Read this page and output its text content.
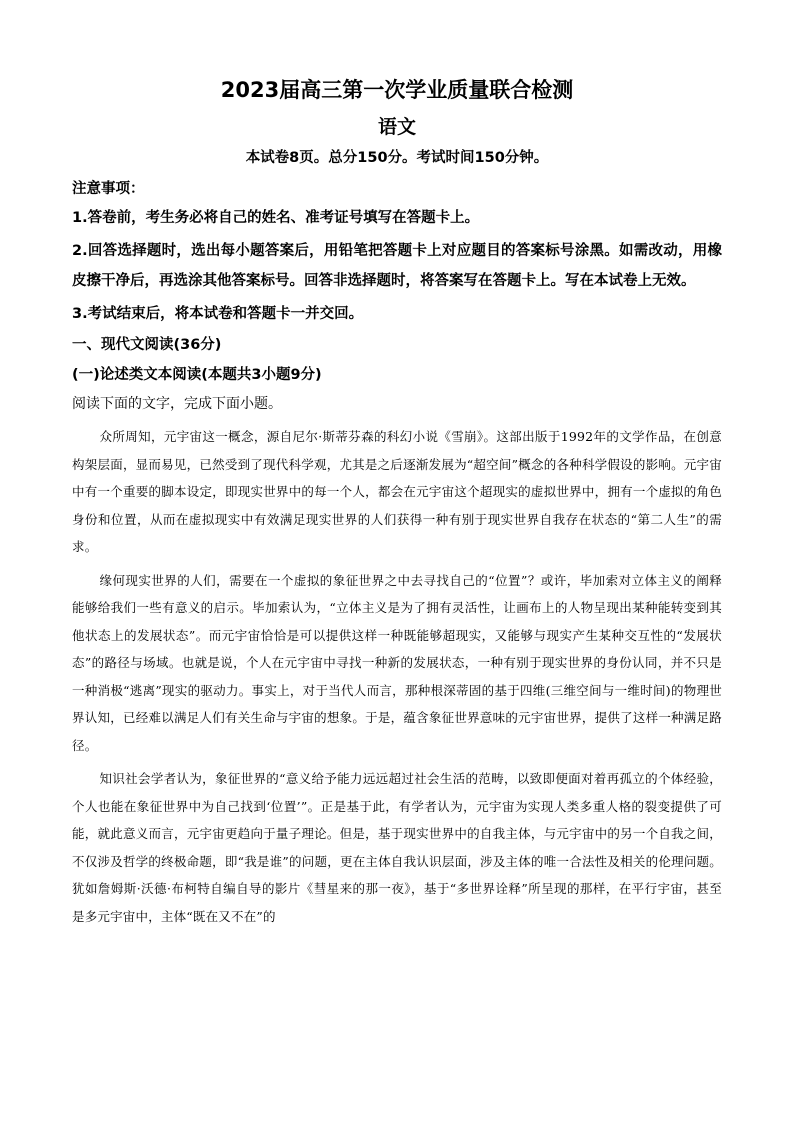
2023届高三第一次学业质量联合检测
语文
本试卷8页。总分150分。考试时间150分钟。
注意事项：
1.答卷前，考生务必将自己的姓名、准考证号填写在答题卡上。
2.回答选择题时，选出每小题答案后，用铅笔把答题卡上对应题目的答案标号涂黑。如需改动，用橡皮擦干净后，再选涂其他答案标号。回答非选择题时，将答案写在答题卡上。写在本试卷上无效。
3.考试结束后，将本试卷和答题卡一并交回。
一、现代文阅读(36分)
(一)论述类文本阅读(本题共3小题9分)
阅读下面的文字，完成下面小题。

众所周知，元宇宙这一概念，源自尼尔·斯蒂芬森的科幻小说《雪崩》。这部出版于1992年的文学作品，在创意构架层面，显而易见，已然受到了现代科学观，尤其是之后逐渐发展为“超空间”概念的各种科学假设的影响。元宇宙中有一个重要的脚本设定，即现实世界中的每一个人，都会在元宇宙这个超现实的虚拟世界中，拥有一个虚拟的角色身份和位置，从而在虚拟现实中有效满足现实世界的人们获得一种有别于现实世界自我存在状态的“第二人生”的需求。

缘何现实世界的人们，需要在一个虚拟的象征世界之中去寻找自己的“位置”？或许，毕加索对立体主义的阐释能够给我们一些有意义的启示。毕加索认为，“立体主义是为了拥有灵活性，让画布上的人物呈现出某种能转变到其他状态上的发展状态”。而元宇宙恰恰是可以提供这样一种既能够超现实，又能够与现实产生某种交互性的“发展状态”的路径与场域。也就是说，个人在元宇宙中寻找一种新的发展状态，一种有别于现实世界的身份认同，并不只是一种消极“逃离”现实的驱动力。事实上，对于当代人而言，那种根深蒂固的基于四维(三维空间与一维时间)的物理世界认知，已经难以满足人们有关生命与宇宙的想象。于是，蕴含象征世界意味的元宇宙世界，提供了这样一种满足路径。

知识社会学者认为，象征世界的“意义给予能力远远超过社会生活的范畴，以致即便面对着再孤立的个体经验，个人也能在象征世界中为自己找到‘位置’”。正是基于此，有学者认为，元宇宙为实现人类多重人格的裂变提供了可能，就此意义而言，元宇宙更趋向于量子理论。但是，基于现实世界中的自我主体，与元宇宙中的另一个自我之间，不仅涉及哲学的终极命题，即“我是谁”的问题，更在主体自我认识层面，涉及主体的唯一合法性及相关的伦理问题。犹如詹姆斯·沃德·布柯特自编自导的影片《彗星来的那一夜》，基于“多世界诠释”所呈现的那样，在平行宇宙，甚至是多元宇宙中，主体“既在又不在”的
